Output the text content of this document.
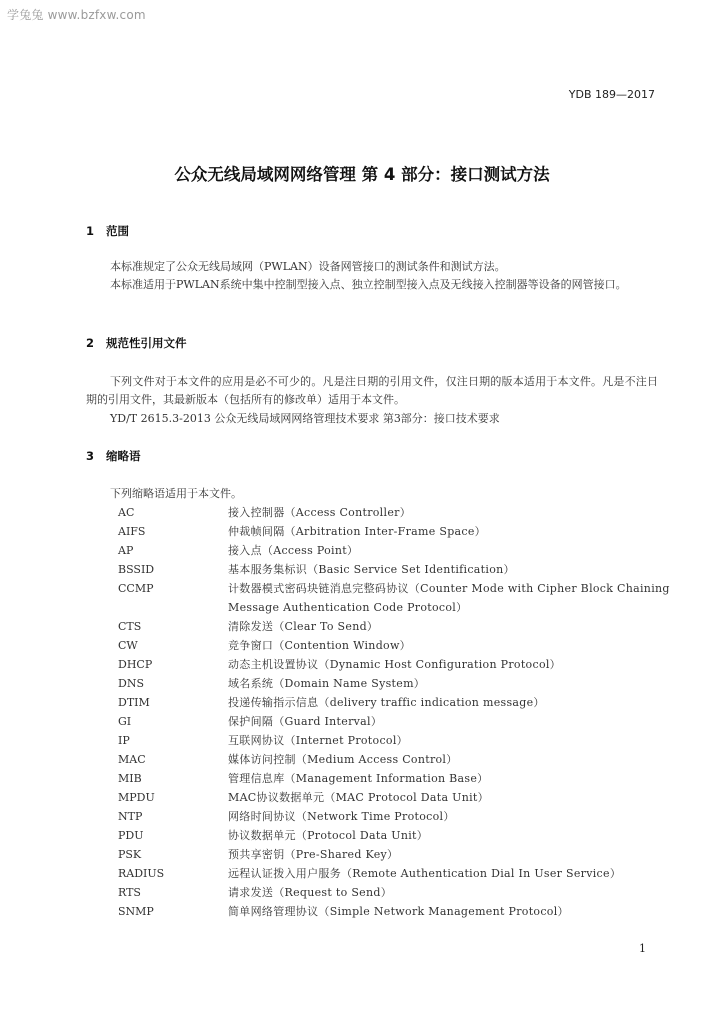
学兔兔 www.bzfxw.com
YDB 189—2017
公众无线局域网网络管理 第 4 部分：接口测试方法
1 范围
本标准规定了公众无线局域网（PWLAN）设备网管接口的测试条件和测试方法。
本标准适用于PWLAN系统中集中控制型接入点、独立控制型接入点及无线接入控制器等设备的网管接口。
2 规范性引用文件
下列文件对于本文件的应用是必不可少的。凡是注日期的引用文件，仅注日期的版本适用于本文件。凡是不注日期的引用文件，其最新版本（包括所有的修改单）适用于本文件。
YD/T 2615.3-2013 公众无线局域网网络管理技术要求 第3部分：接口技术要求
3 缩略语
下列缩略语适用于本文件。
AC	接入控制器（Access Controller）
AIFS	仲裁帧间隔（Arbitration Inter-Frame Space）
AP	接入点（Access Point）
BSSID	基本服务集标识（Basic Service Set Identification）
CCMP	计数器模式密码块链消息完整码协议（Counter Mode with Cipher Block Chaining Message Authentication Code Protocol）
CTS	清除发送（Clear To Send）
CW	竞争窗口（Contention Window）
DHCP	动态主机设置协议（Dynamic Host Configuration Protocol）
DNS	域名系统（Domain Name System）
DTIM	投递传输指示信息（delivery traffic indication message）
GI	保护间隔（Guard Interval）
IP	互联网协议（Internet Protocol）
MAC	媒体访问控制（Medium Access Control）
MIB	管理信息库（Management Information Base）
MPDU	MAC协议数据单元（MAC Protocol Data Unit）
NTP	网络时间协议（Network Time Protocol）
PDU	协议数据单元（Protocol Data Unit）
PSK	预共享密钥（Pre-Shared Key）
RADIUS	远程认证拨入用户服务（Remote Authentication Dial In User Service）
RTS	请求发送（Request to Send）
SNMP	简单网络管理协议（Simple Network Management Protocol）
1
